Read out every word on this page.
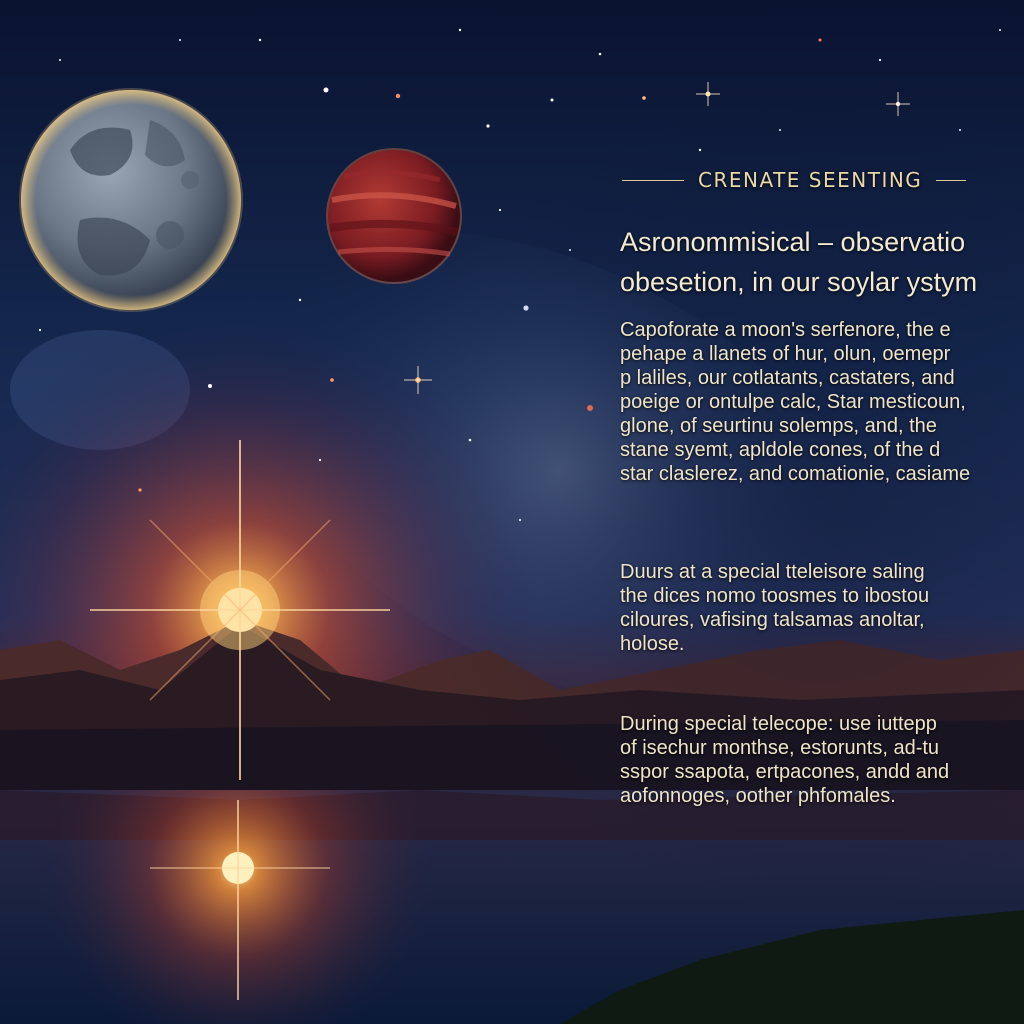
CRENATE SEENTING
Asronommisical – observatio
obesetion, in our soylar ystym
Capoforate a moon's serfenore, the e
pehape a llanets of hur, olun, oemepr
p laliles, our cotlatants, castaters, and
poeige or ontulpe calc, Star mesticoun,
glone, of seurtinu solemps, and, the
stane syemt, apldole cones, of the d
star claslerez, and comationie, casiame
Duurs at a special tteleisore saling
the dices nomo toosmes to ibostou
ciloures, vafising talsamas anoltar,
holose.
During special telecope: use iuttepp
of isechur monthse, estorunts, ad-tu
sspor ssapota, ertpacones, andd and
aofonnoges, oother phfomales.
